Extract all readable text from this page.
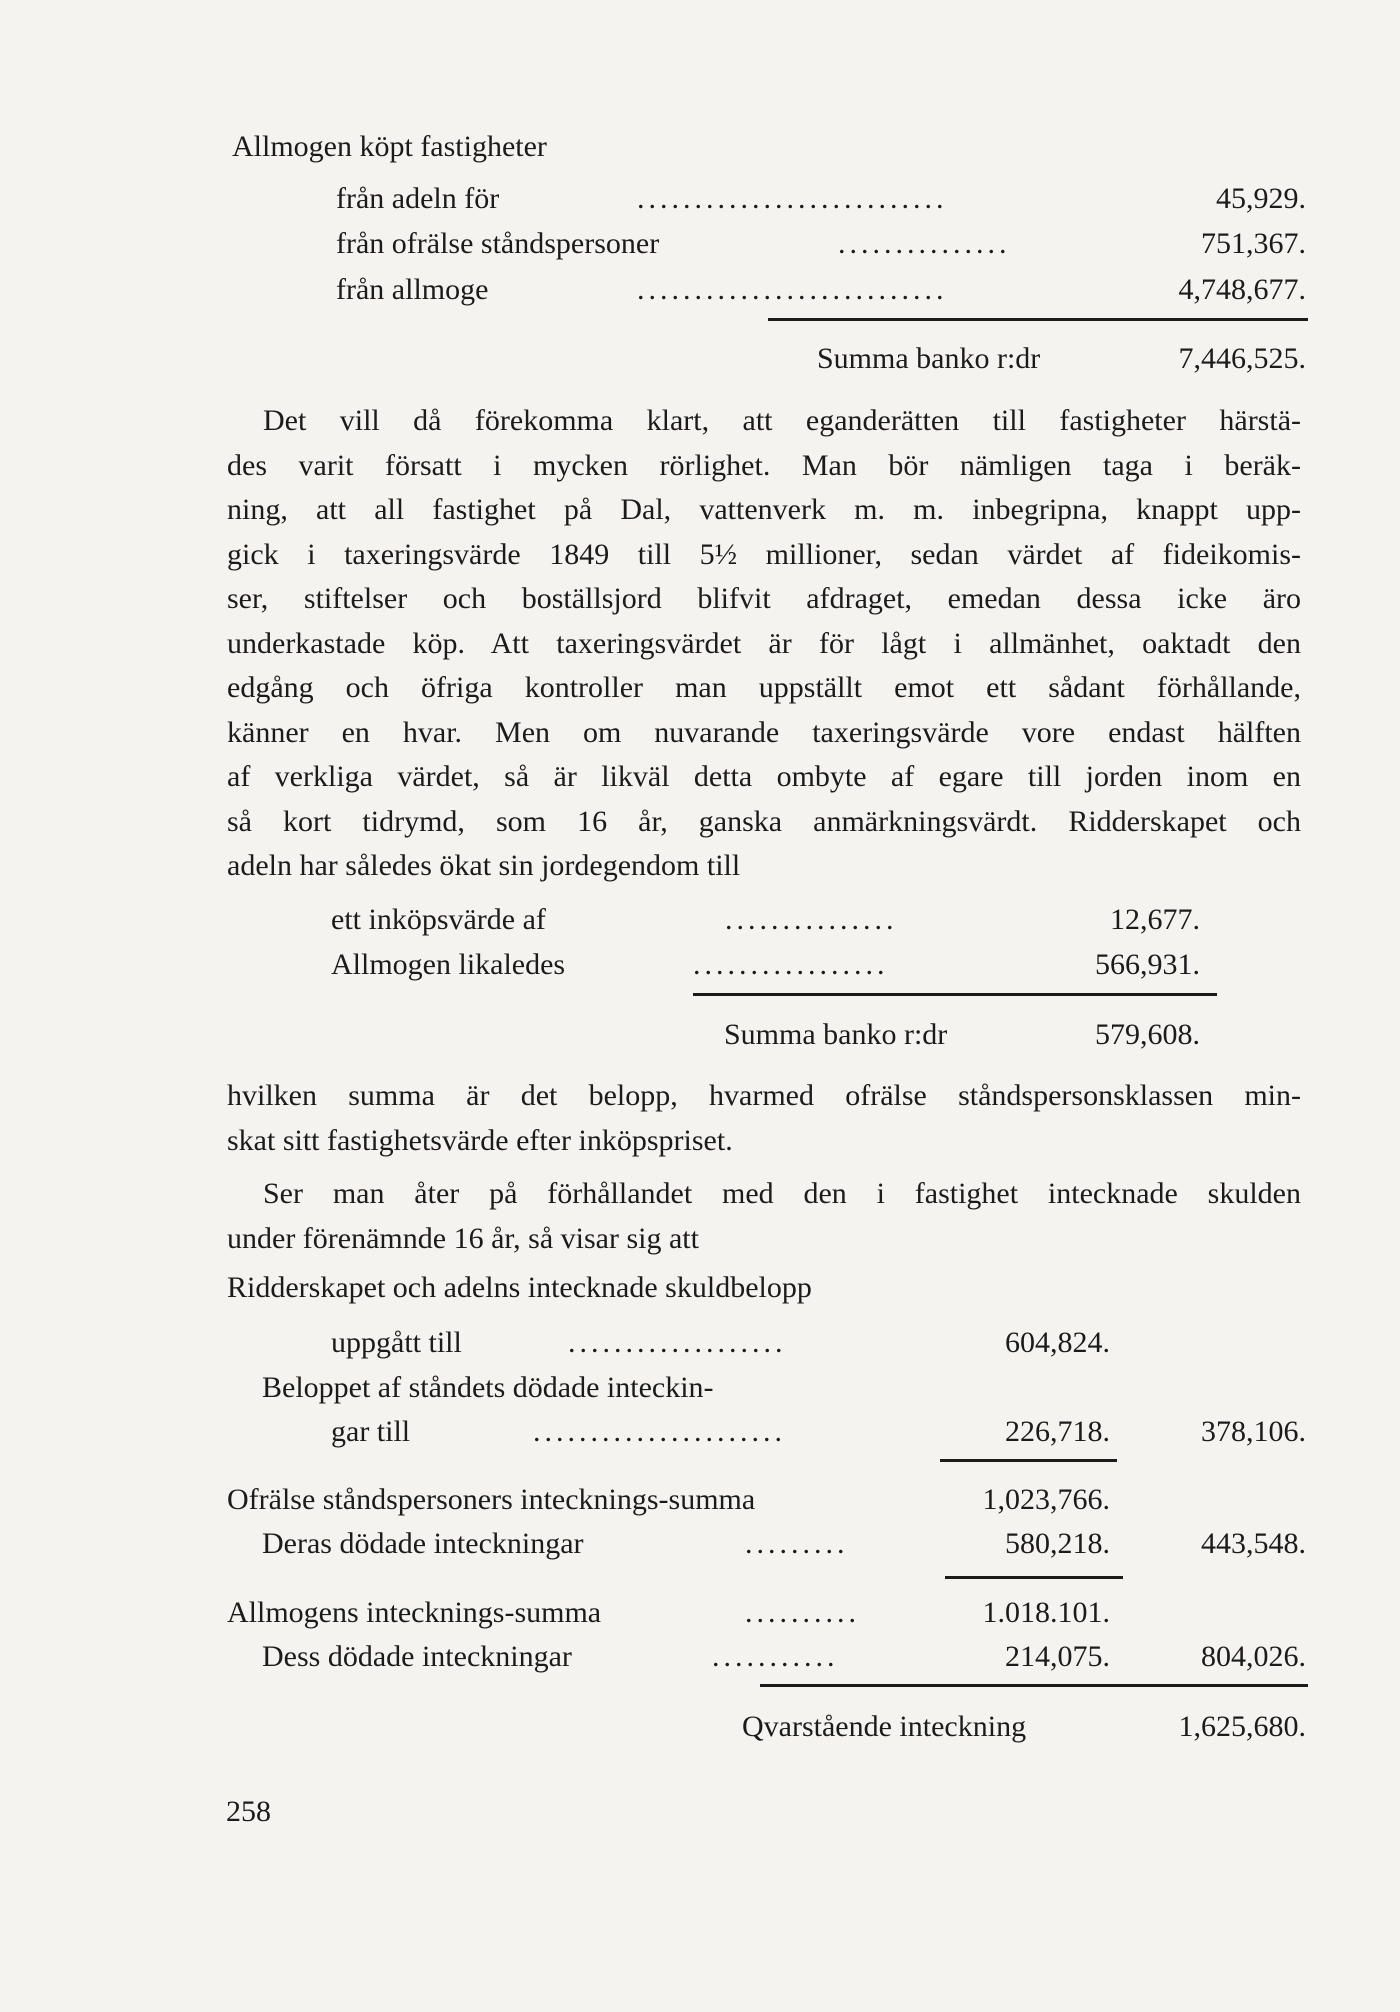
Allmogen köpt fastigheter
från adeln för	...........................	45,929.
från ofrälse ståndspersoner	...............	751,367.
från allmoge	...........................	4,748,677.
Summa banko r:dr	7,446,525.
Det vill då förekomma klart, att eganderätten till fastigheter härstä-
des varit försatt i mycken rörlighet. Man bör nämligen taga i beräk-
ning, att all fastighet på Dal, vattenverk m. m. inbegripna, knappt upp-
gick i taxeringsvärde 1849 till 5½ millioner, sedan värdet af fideikomis-
ser, stiftelser och boställsjord blifvit afdraget, emedan dessa icke äro
underkastade köp. Att taxeringsvärdet är för lågt i allmänhet, oaktadt den
edgång och öfriga kontroller man uppställt emot ett sådant förhållande,
känner en hvar. Men om nuvarande taxeringsvärde vore endast hälften
af verkliga värdet, så är likväl detta ombyte af egare till jorden inom en
så kort tidrymd, som 16 år, ganska anmärkningsvärdt. Ridderskapet och
adeln har således ökat sin jordegendom till
ett inköpsvärde af	...............	12,677.
Allmogen likaledes	.................	566,931.
Summa banko r:dr	579,608.
hvilken summa är det belopp, hvarmed ofrälse ståndspersonsklassen min-
skat sitt fastighetsvärde efter inköpspriset.
Ser man åter på förhållandet med den i fastighet intecknade skulden
under förenämnde 16 år, så visar sig att
Ridderskapet och adelns intecknade skuldbelopp
uppgått till	...................	604,824.
Beloppet af ståndets dödade inteckin-
gar till	......................	226,718.	378,106.
Ofrälse ståndspersoners intecknings-summa	1,023,766.
Deras dödade inteckningar	.........	580,218.	443,548.
Allmogens intecknings-summa	..........	1.018.101.
Dess dödade inteckningar	...........	214,075.	804,026.
Qvarstående inteckning	1,625,680.
258
